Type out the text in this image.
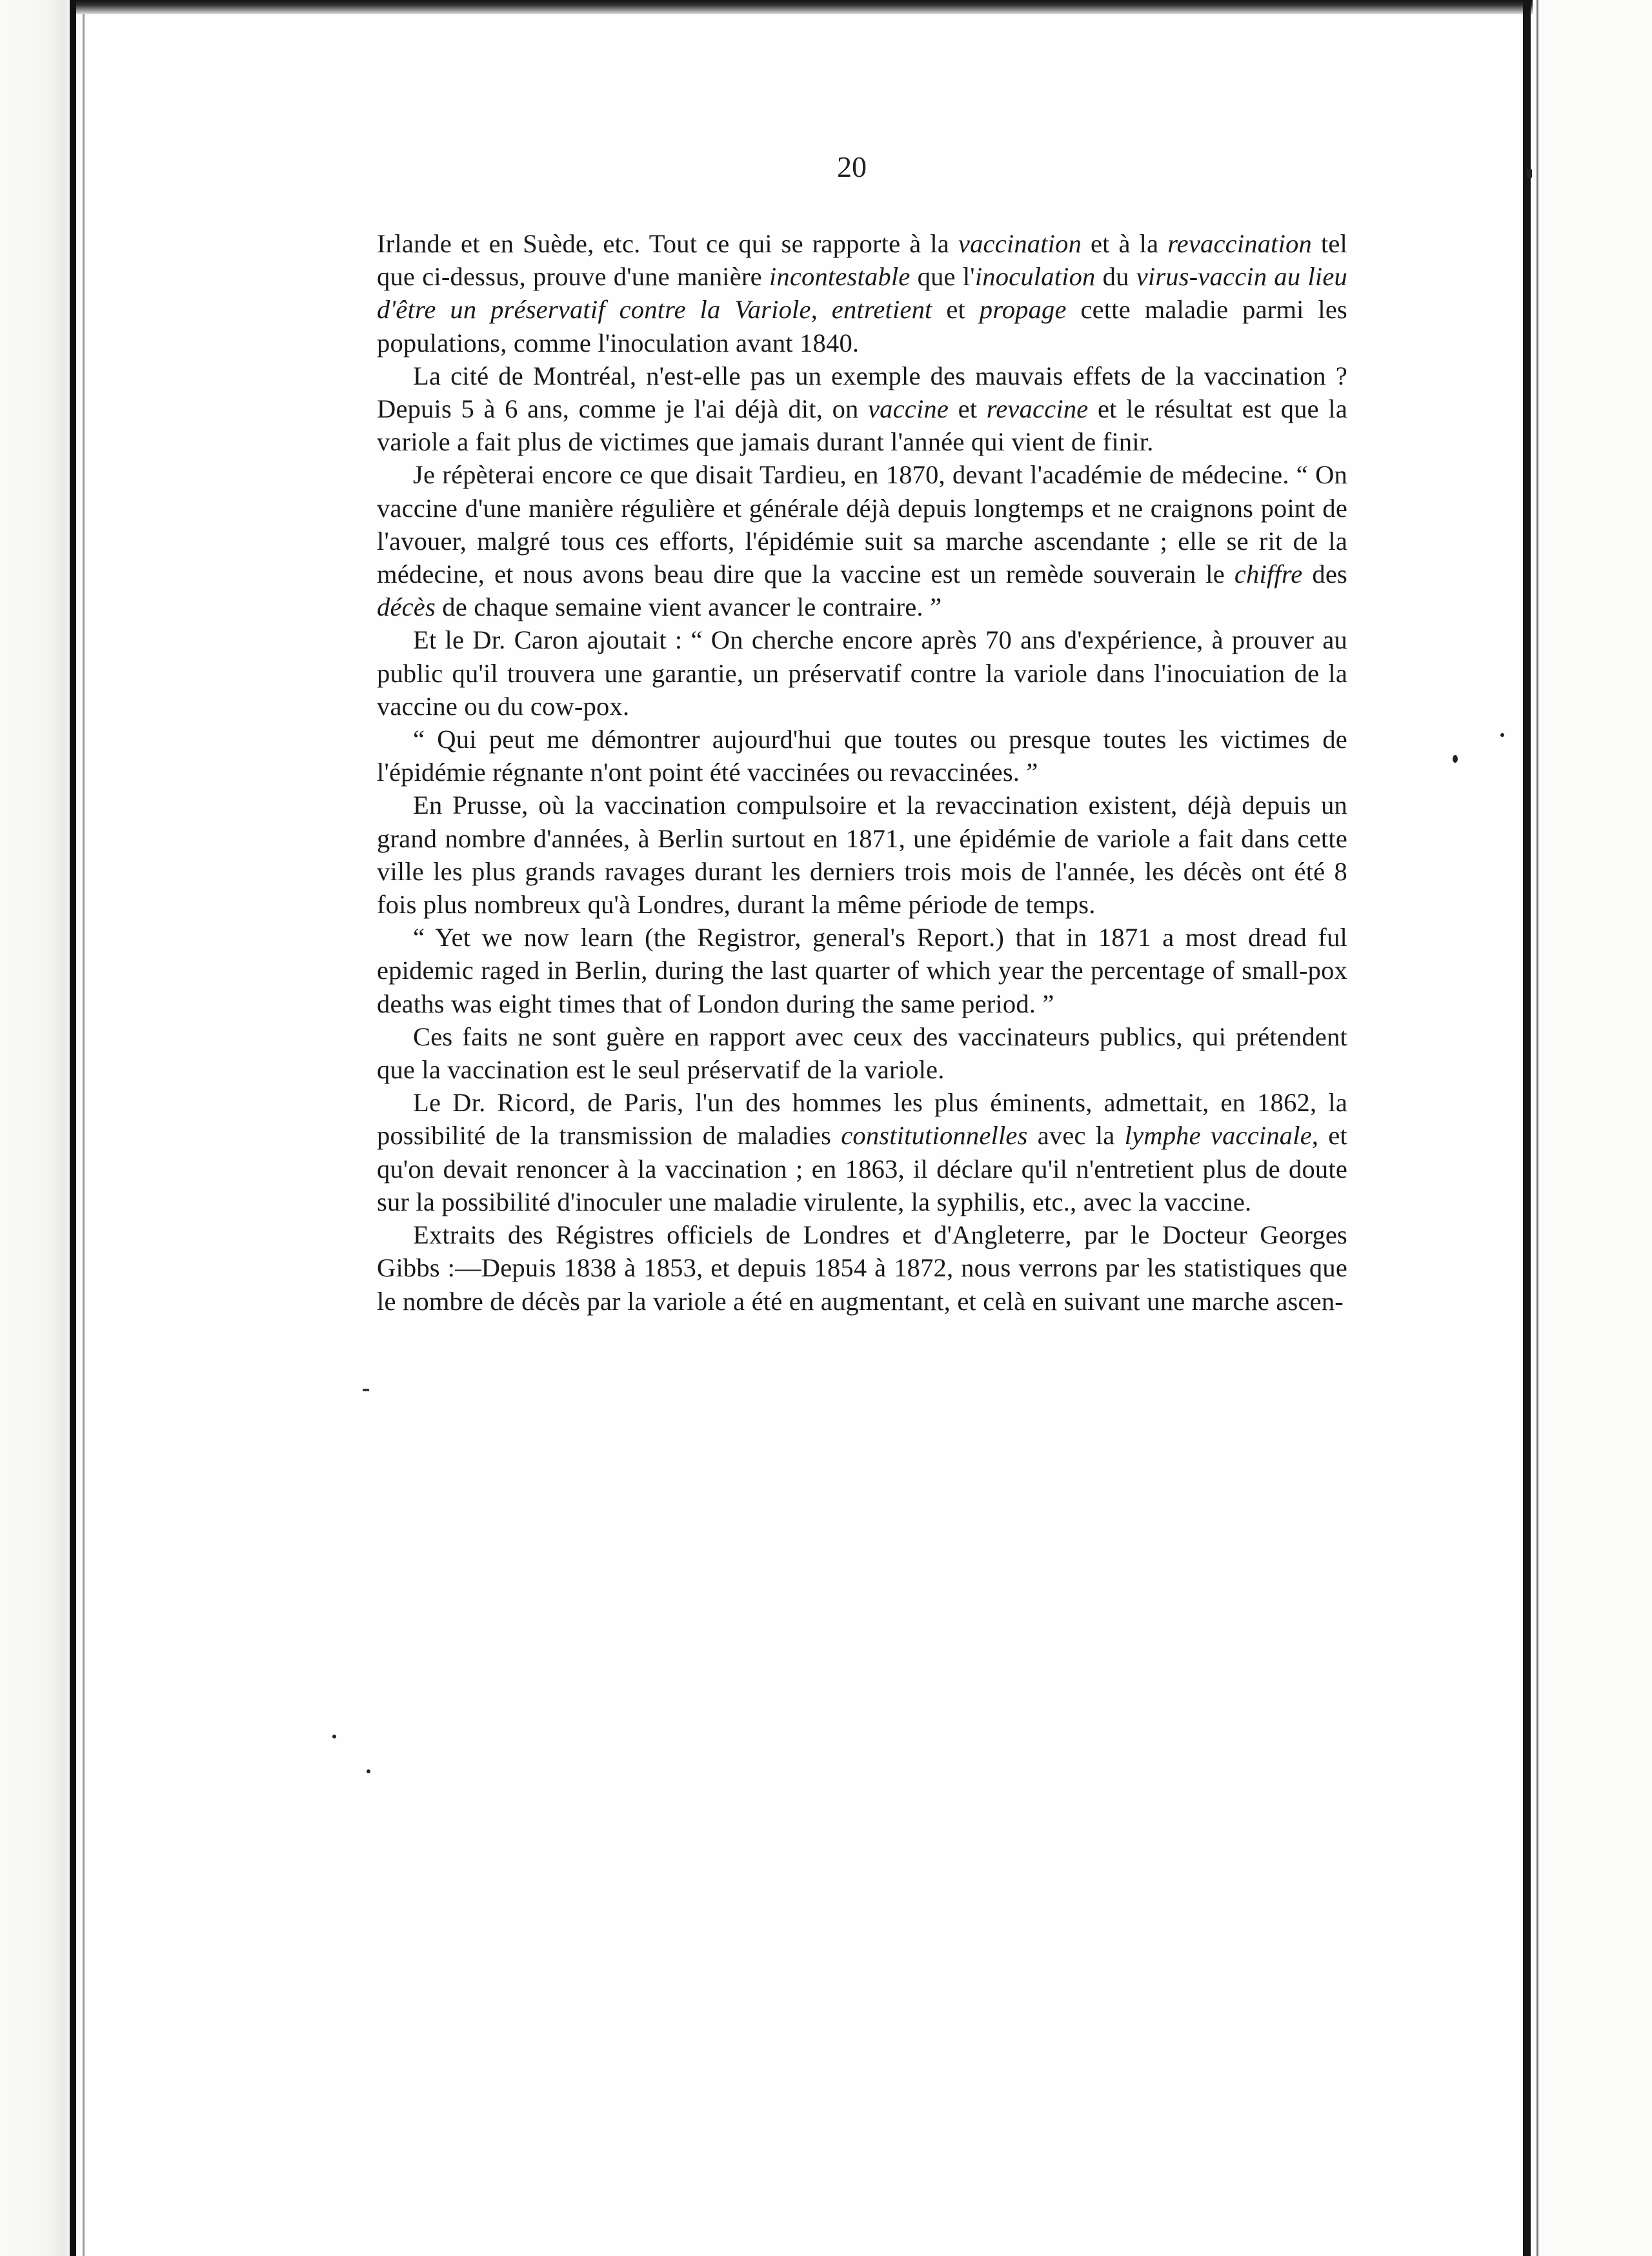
20

Irlande et en Suède, etc. Tout ce qui se rapporte à la vaccination et à la revaccination tel que ci-dessus, prouve d'une manière incontestable que l'inoculation du virus-vaccin au lieu d'être un préservatif contre la Variole, entretient et propage cette maladie parmi les populations, comme l'inoculation avant 1840.

La cité de Montréal, n'est-elle pas un exemple des mauvais effets de la vaccination ? Depuis 5 à 6 ans, comme je l'ai déjà dit, on vaccine et revaccine et le résultat est que la variole a fait plus de victimes que jamais durant l'année qui vient de finir.

Je répèterai encore ce que disait Tardieu, en 1870, devant l'académie de médecine. “ On vaccine d'une manière régulière et générale déjà depuis longtemps et ne craignons point de l'avouer, malgré tous ces efforts, l'épidémie suit sa marche ascendante ; elle se rit de la médecine, et nous avons beau dire que la vaccine est un remède souverain le chiffre des décès de chaque semaine vient avancer le contraire. ”

Et le Dr. Caron ajoutait : “ On cherche encore après 70 ans d'expérience, à prouver au public qu'il trouvera une garantie, un préservatif contre la variole dans l'inocuiation de la vaccine ou du cow-pox.

“ Qui peut me démontrer aujourd'hui que toutes ou presque toutes les victimes de l'épidémie régnante n'ont point été vaccinées ou revaccinées. ”

En Prusse, où la vaccination compulsoire et la revaccination existent, déjà depuis un grand nombre d'années, à Berlin surtout en 1871, une épidémie de variole a fait dans cette ville les plus grands ravages durant les derniers trois mois de l'année, les décès ont été 8 fois plus nombreux qu'à Londres, durant la même période de temps.

“ Yet we now learn (the Registror, general's Report.) that in 1871 a most dread ful epidemic raged in Berlin, during the last quarter of which year the percentage of small-pox deaths was eight times that of London during the same period. ”

Ces faits ne sont guère en rapport avec ceux des vaccinateurs publics, qui prétendent que la vaccination est le seul préservatif de la variole.

Le Dr. Ricord, de Paris, l'un des hommes les plus éminents, admettait, en 1862, la possibilité de la transmission de maladies constitutionnelles avec la lymphe vaccinale, et qu'on devait renoncer à la vaccination ; en 1863, il déclare qu'il n'entretient plus de doute sur la possibilité d'inoculer une maladie virulente, la syphilis, etc., avec la vaccine.

Extraits des Régistres officiels de Londres et d'Angleterre, par le Docteur Georges Gibbs :—Depuis 1838 à 1853, et depuis 1854 à 1872, nous verrons par les statistiques que le nombre de décès par la variole a été en augmentant, et celà en suivant une marche ascen-
